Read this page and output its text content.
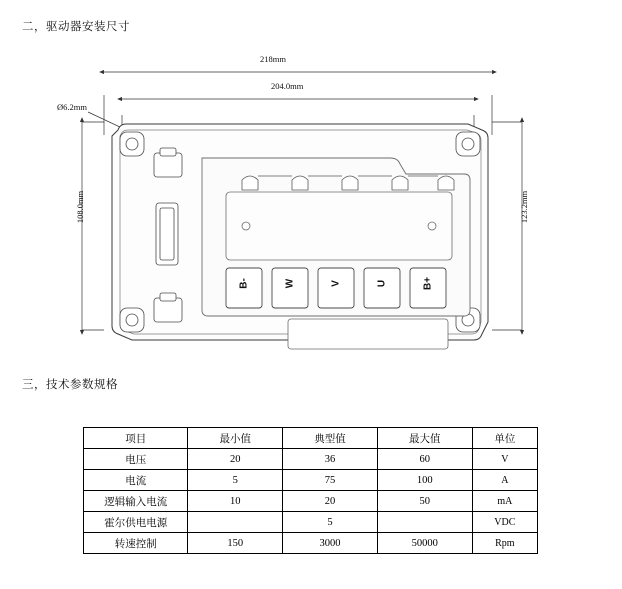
二，驱动器安装尺寸
218mm
204.0mm
108.0mm	123.2mm
Ø6.2mm
B-	W	V	U	B+
三，技术参数规格
项目	最小值	典型值	最大值	单位
电压	20	36	60	V
电流	5	75	100	A
逻辑输入电流	10	20	50	mA
霍尔供电电源		5		VDC
转速控制	150	3000	50000	Rpm
